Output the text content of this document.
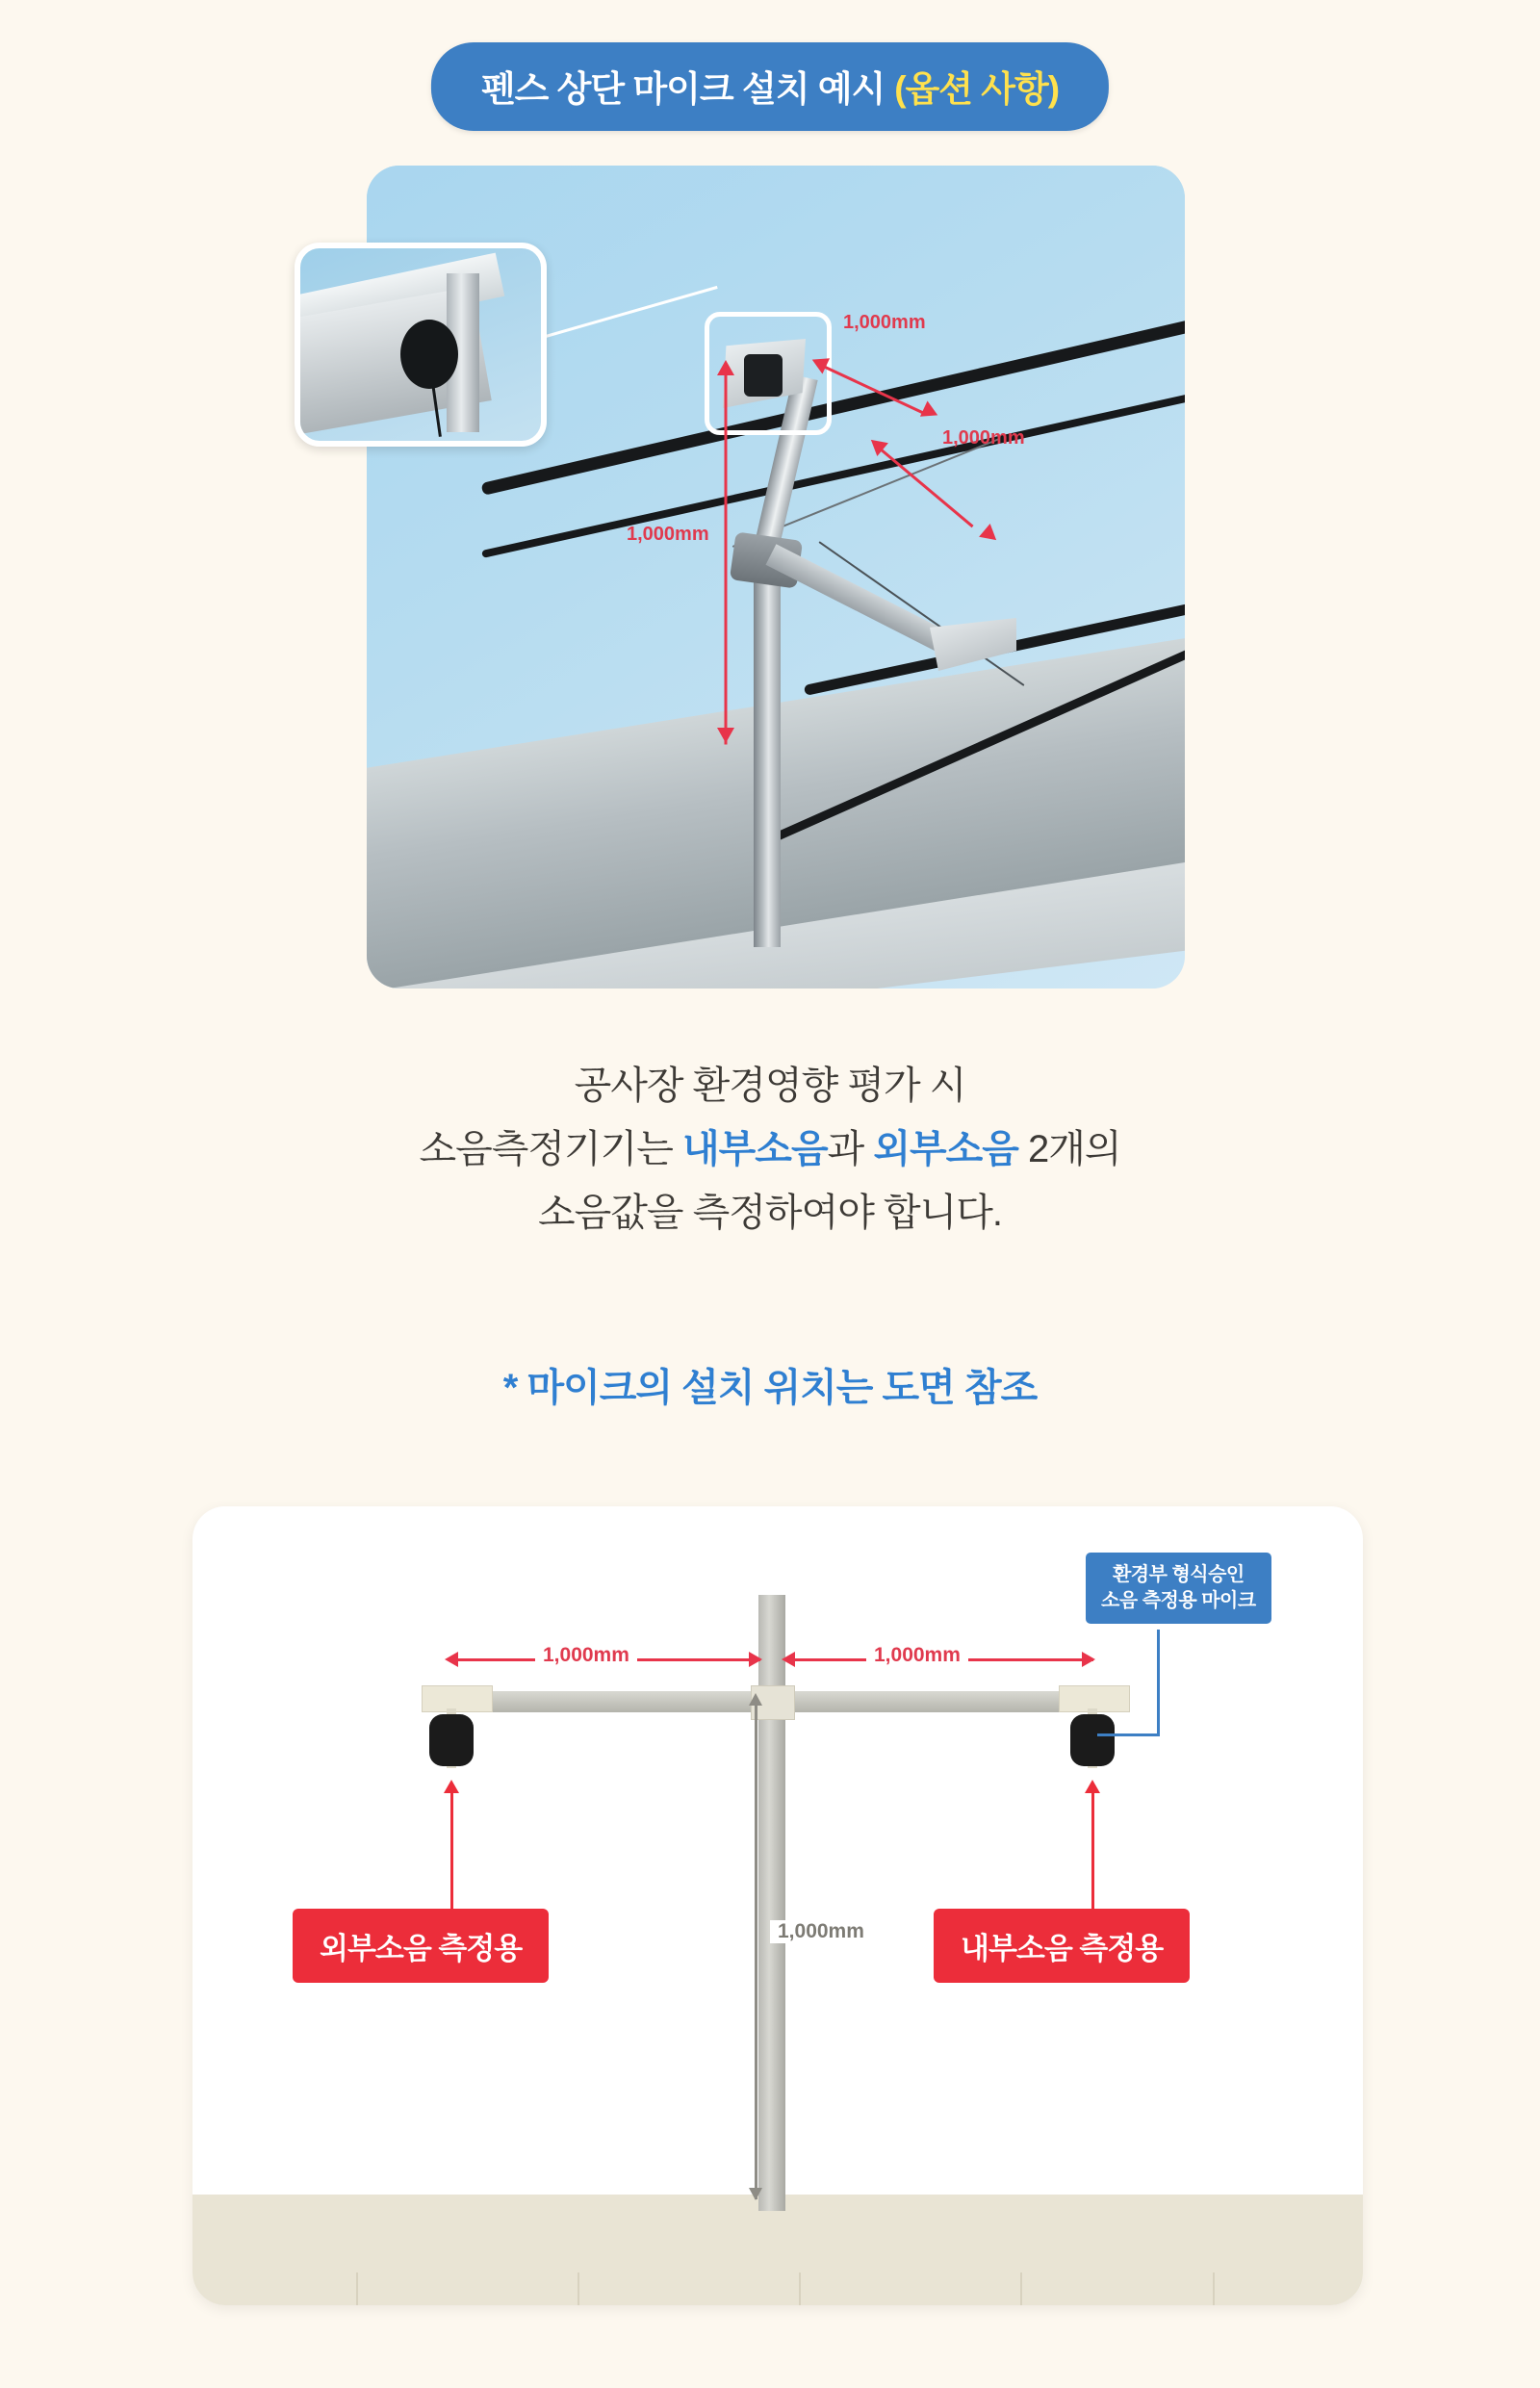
펜스 상단 마이크 설치 예시 (옵션 사항)
1,000mm
1,000mm
1,000mm
공사장 환경영향 평가 시
소음측정기기는 내부소음과 외부소음 2개의
소음값을 측정하여야 합니다.
* 마이크의 설치 위치는 도면 참조
1,000mm	1,000mm
1,000mm
외부소음 측정용	내부소음 측정용
환경부 형식승인
소음 측정용 마이크
